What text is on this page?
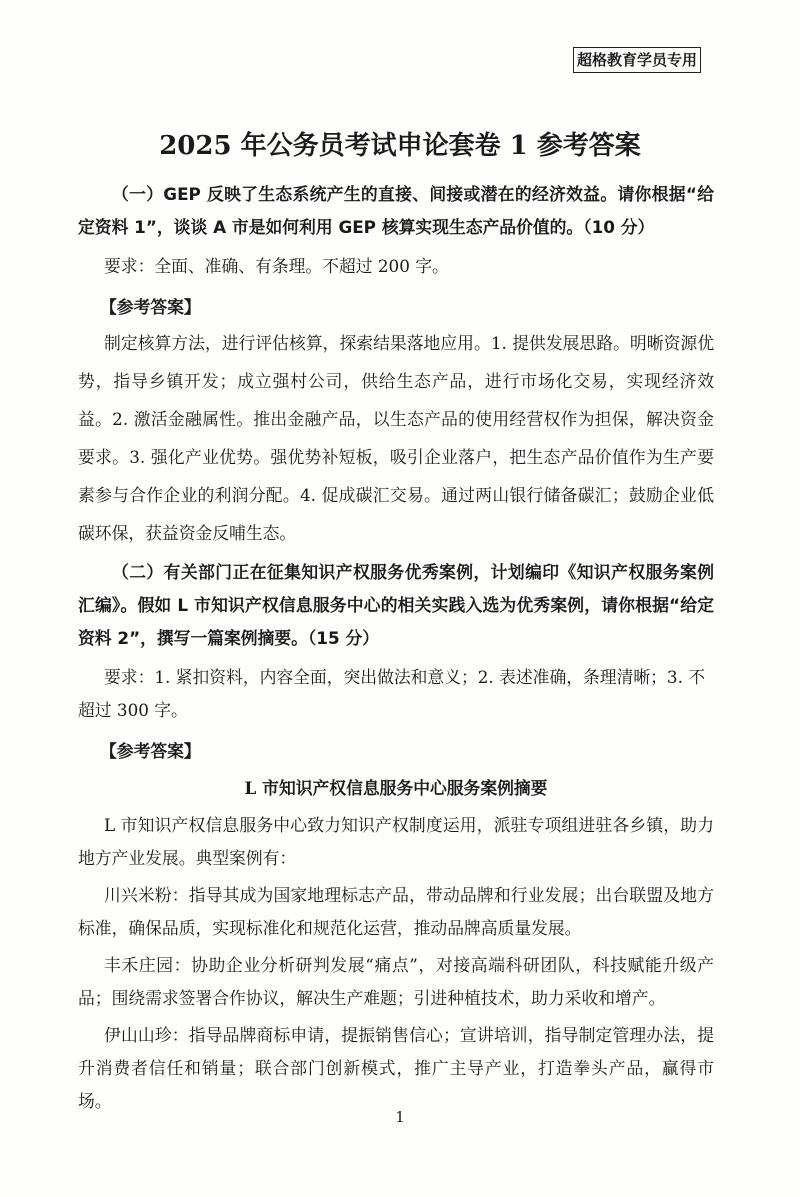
超格教育学员专用
2025 年公务员考试申论套卷 1 参考答案

（一）GEP 反映了生态系统产生的直接、间接或潜在的经济效益。请你根据“给定资料 1”，谈谈 A 市是如何利用 GEP 核算实现生态产品价值的。（10 分）

要求：全面、准确、有条理。不超过 200 字。

【参考答案】

制定核算方法，进行评估核算，探索结果落地应用。1. 提供发展思路。明晰资源优势，指导乡镇开发；成立强村公司，供给生态产品，进行市场化交易，实现经济效益。2. 激活金融属性。推出金融产品，以生态产品的使用经营权作为担保，解决资金要求。3. 强化产业优势。强优势补短板，吸引企业落户，把生态产品价值作为生产要素参与合作企业的利润分配。4. 促成碳汇交易。通过两山银行储备碳汇；鼓励企业低碳环保，获益资金反哺生态。

（二）有关部门正在征集知识产权服务优秀案例，计划编印《知识产权服务案例汇编》。假如 L 市知识产权信息服务中心的相关实践入选为优秀案例，请你根据“给定资料 2”，撰写一篇案例摘要。（15 分）

要求：1. 紧扣资料，内容全面，突出做法和意义；2. 表述准确，条理清晰；3. 不超过 300 字。

【参考答案】

L 市知识产权信息服务中心服务案例摘要

L 市知识产权信息服务中心致力知识产权制度运用，派驻专项组进驻各乡镇，助力地方产业发展。典型案例有：

川兴米粉：指导其成为国家地理标志产品，带动品牌和行业发展；出台联盟及地方标准，确保品质，实现标准化和规范化运营，推动品牌高质量发展。

丰禾庄园：协助企业分析研判发展“痛点”，对接高端科研团队，科技赋能升级产品；围绕需求签署合作协议，解决生产难题；引进种植技术，助力采收和增产。

伊山山珍：指导品牌商标申请，提振销售信心；宣讲培训，指导制定管理办法，提升消费者信任和销量；联合部门创新模式，推广主导产业，打造拳头产品，赢得市场。

1
